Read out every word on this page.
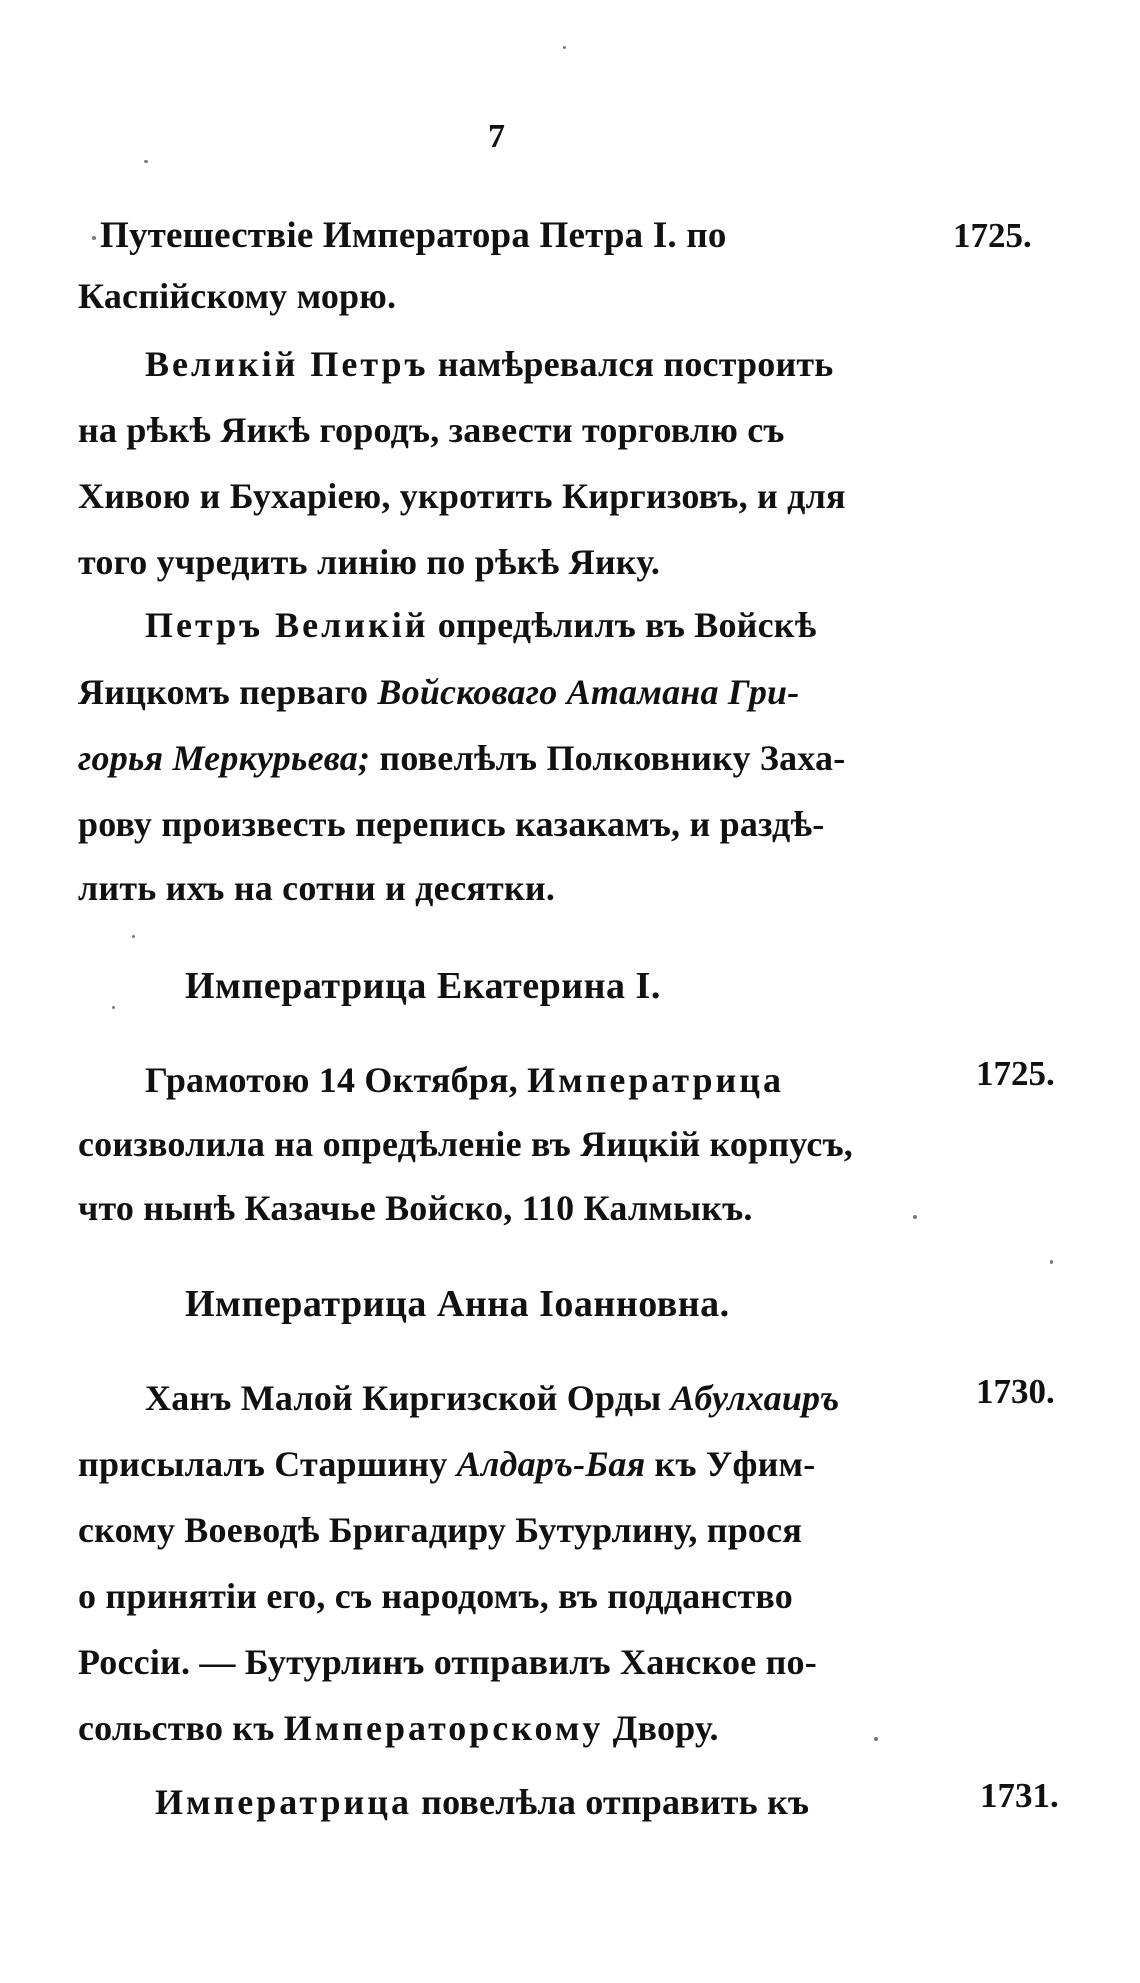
7
Путешествіе Императора Петра I. по	1725.
Каспійскому морю.
Великій Петръ намѣревался построить
на рѣкѣ Яикѣ городъ, завести торговлю съ
Хивою и Бухаріею, укротить Киргизовъ, и для
того учредить линію по рѣкѣ Яику.
Петръ Великій опредѣлилъ въ Войскѣ
Яицкомъ перваго Войсковаго Атамана Гри-
горья Меркурьева; повелѣлъ Полковнику Заха-
рову произвесть перепись казакамъ, и раздѣ-
лить ихъ на сотни и десятки.
Императрица Екатерина I.
Грамотою 14 Октября, Императрица	1725.
соизволила на опредѣленіе въ Яицкій корпусъ,
что нынѣ Казачье Войско, 110 Калмыкъ.
Императрица Анна Іоанновна.
Ханъ Малой Киргизской Орды Абулхаиръ	1730.
присылалъ Старшину Алдаръ-Бая къ Уфим-
скому Воеводѣ Бригадиру Бутурлину, прося
о принятіи его, съ народомъ, въ подданство
Россіи. — Бутурлинъ отправилъ Ханское по-
сольство къ Императорскому Двору.
Императрица повелѣла отправить къ	1731.
